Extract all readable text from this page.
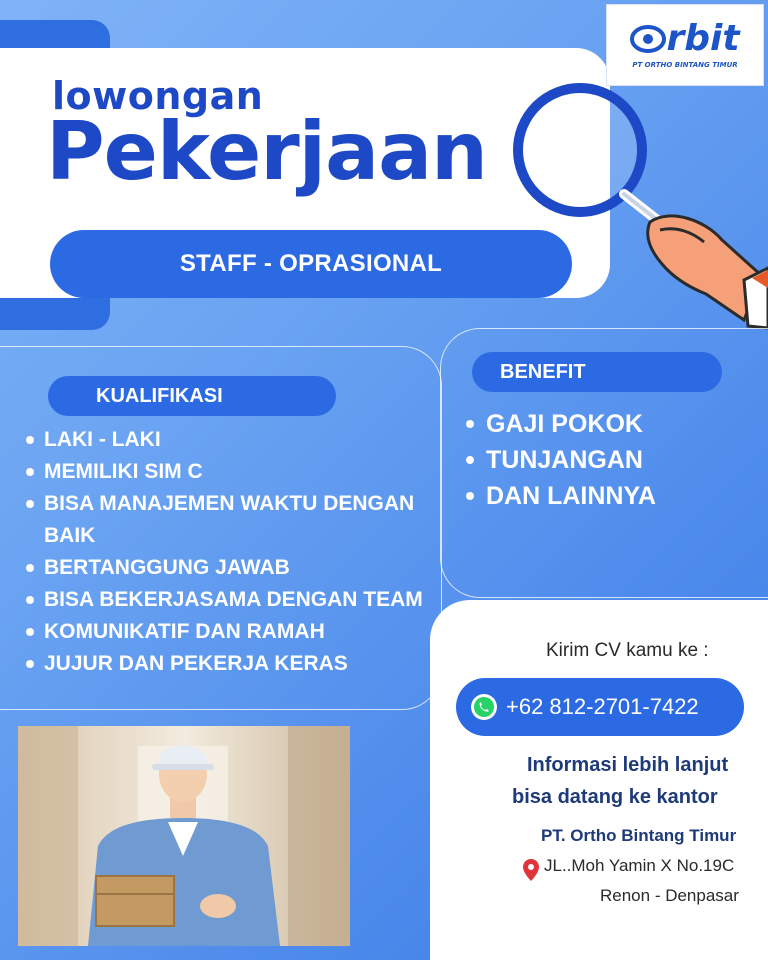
lowongan
Pekerjaan
STAFF - OPRASIONAL
rbit
PT ORTHO BINTANG TIMUR
KUALIFIKASI
LAKI - LAKI
MEMILIKI SIM C
BISA MANAJEMEN WAKTU DENGAN BAIK
BERTANGGUNG JAWAB
BISA BEKERJASAMA DENGAN TEAM
KOMUNIKATIF DAN RAMAH
JUJUR DAN PEKERJA KERAS
BENEFIT
GAJI POKOK
TUNJANGAN
DAN LAINNYA
Kirim CV kamu ke :
+62 812-2701-7422
Informasi lebih lanjut
bisa datang ke kantor
PT. Ortho Bintang Timur
JL..Moh Yamin X No.19C
Renon - Denpasar
